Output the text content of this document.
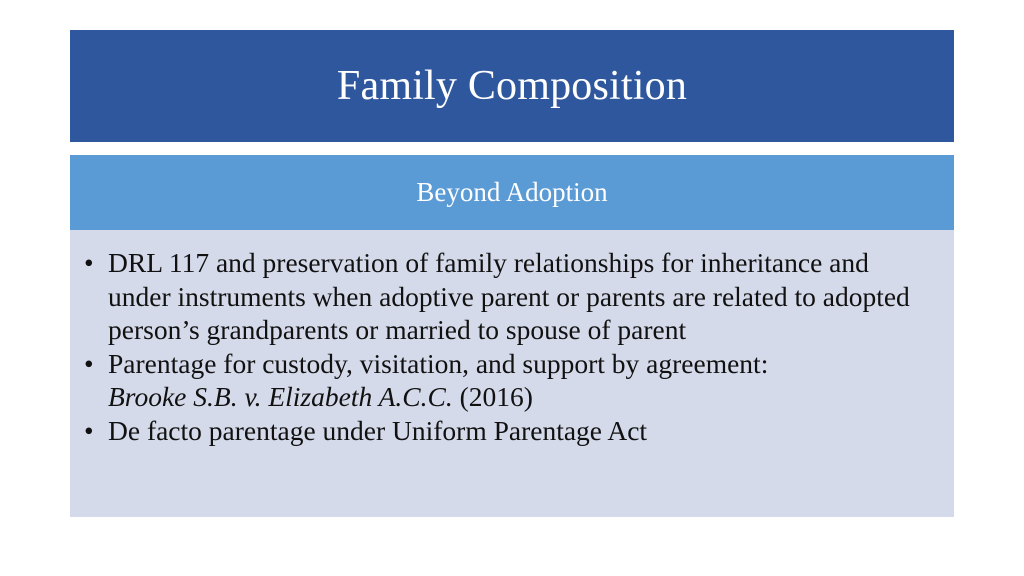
Family Composition
Beyond Adoption
• DRL 117 and preservation of family relationships for inheritance and under instruments when adoptive parent or parents are related to adopted person’s grandparents or married to spouse of parent
• Parentage for custody, visitation, and support by agreement:
Brooke S.B. v. Elizabeth A.C.C. (2016)
• De facto parentage under Uniform Parentage Act
